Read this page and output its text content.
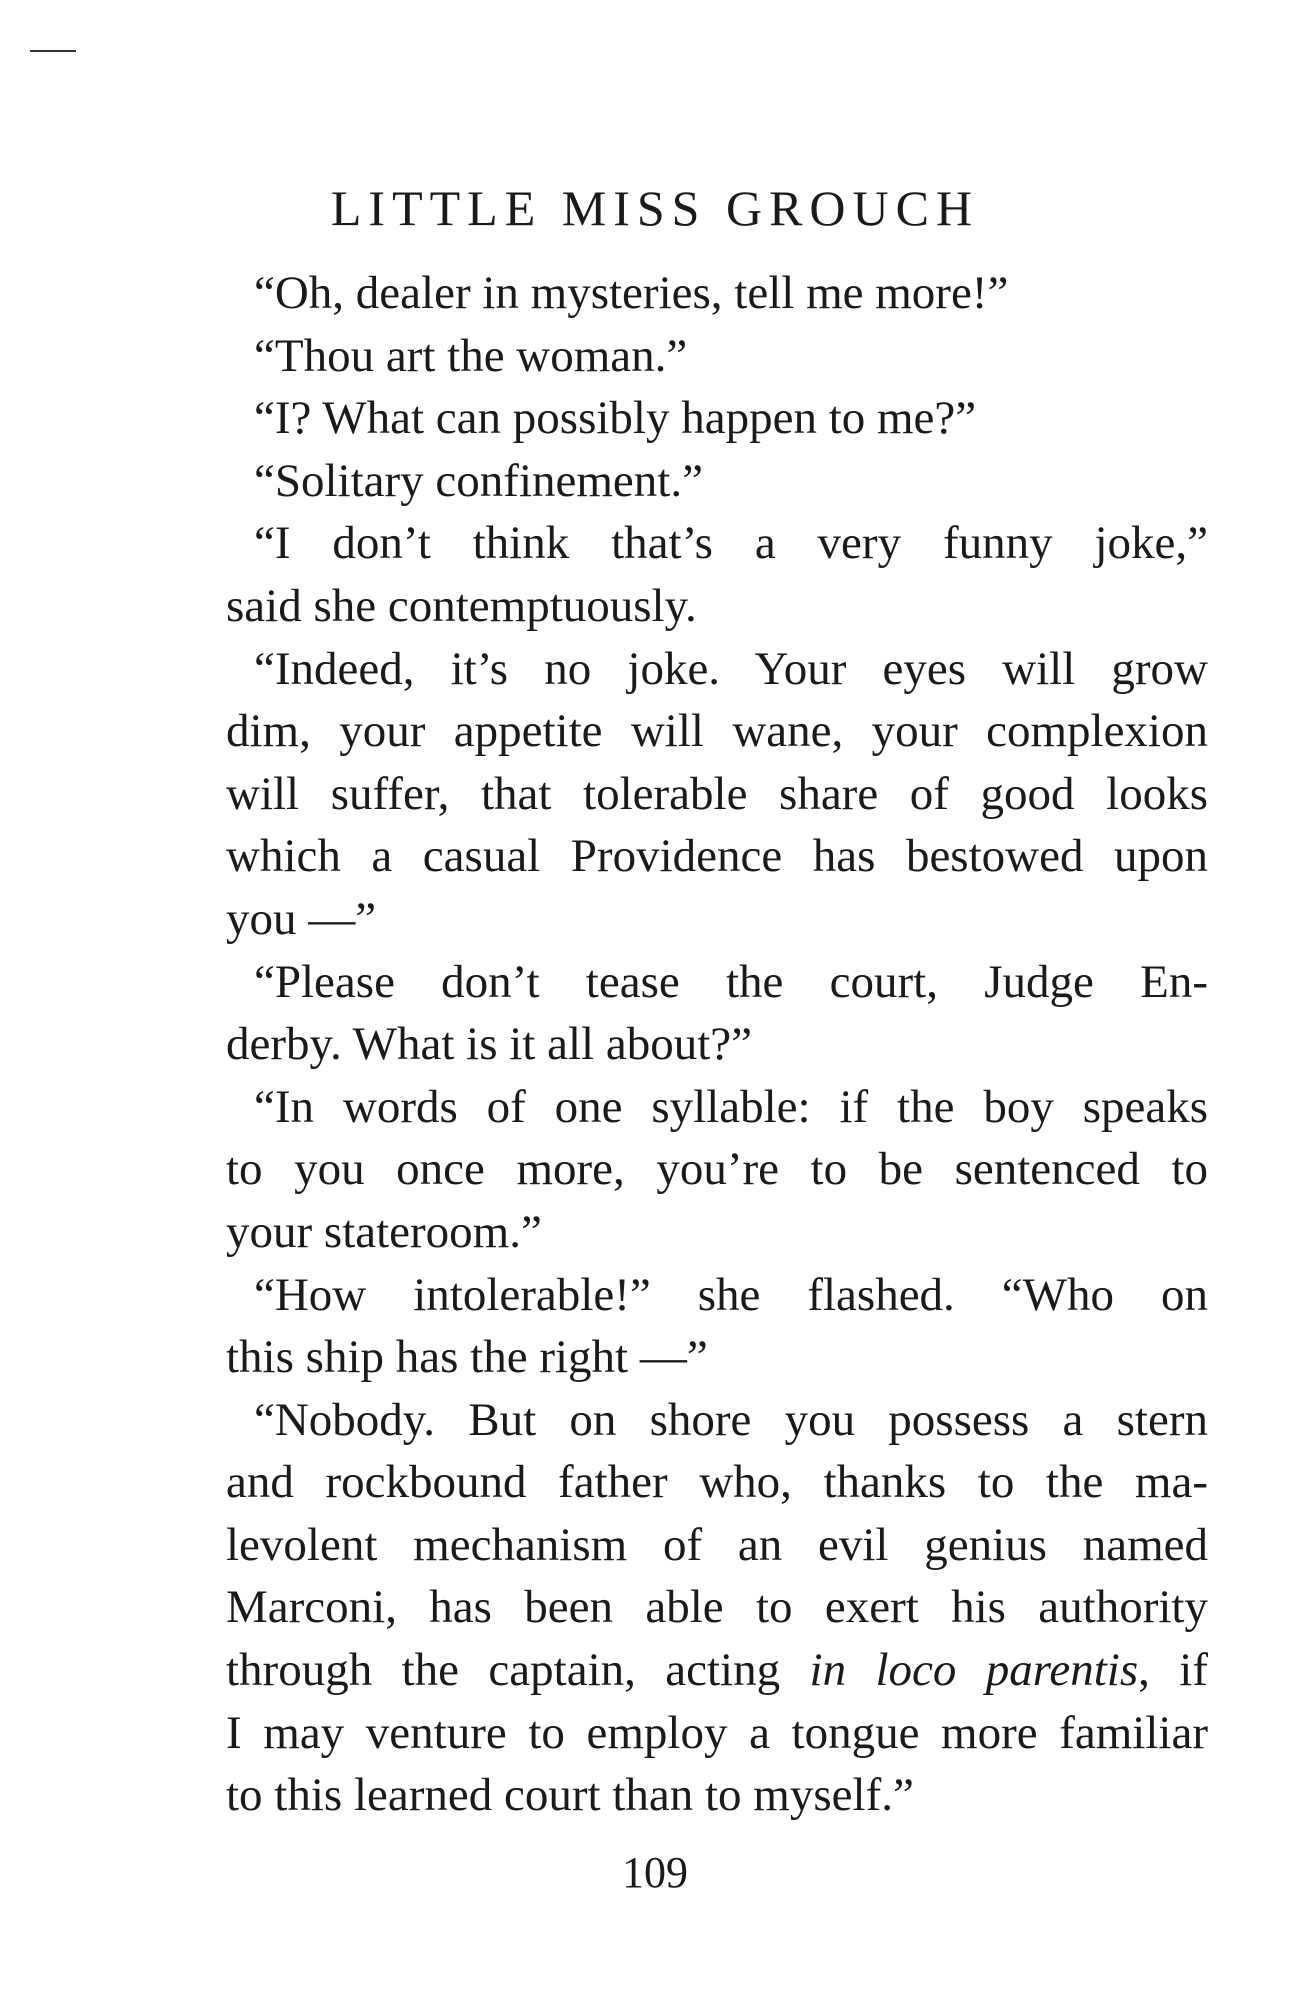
LITTLE MISS GROUCH
“Oh, dealer in mysteries, tell me more!”
“Thou art the woman.”
“I? What can possibly happen to me?”
“Solitary confinement.”
“I don’t think that’s a very funny joke,”
said she contemptuously.
“Indeed, it’s no joke. Your eyes will grow
dim, your appetite will wane, your complexion
will suffer, that tolerable share of good looks
which a casual Providence has bestowed upon
you —”
“Please don’t tease the court, Judge En-
derby. What is it all about?”
“In words of one syllable: if the boy speaks
to you once more, you’re to be sentenced to
your stateroom.”
“How intolerable!” she flashed. “Who on
this ship has the right —”
“Nobody. But on shore you possess a stern
and rockbound father who, thanks to the ma-
levolent mechanism of an evil genius named
Marconi, has been able to exert his authority
through the captain, acting in loco parentis, if
I may venture to employ a tongue more familiar
to this learned court than to myself.”
109
